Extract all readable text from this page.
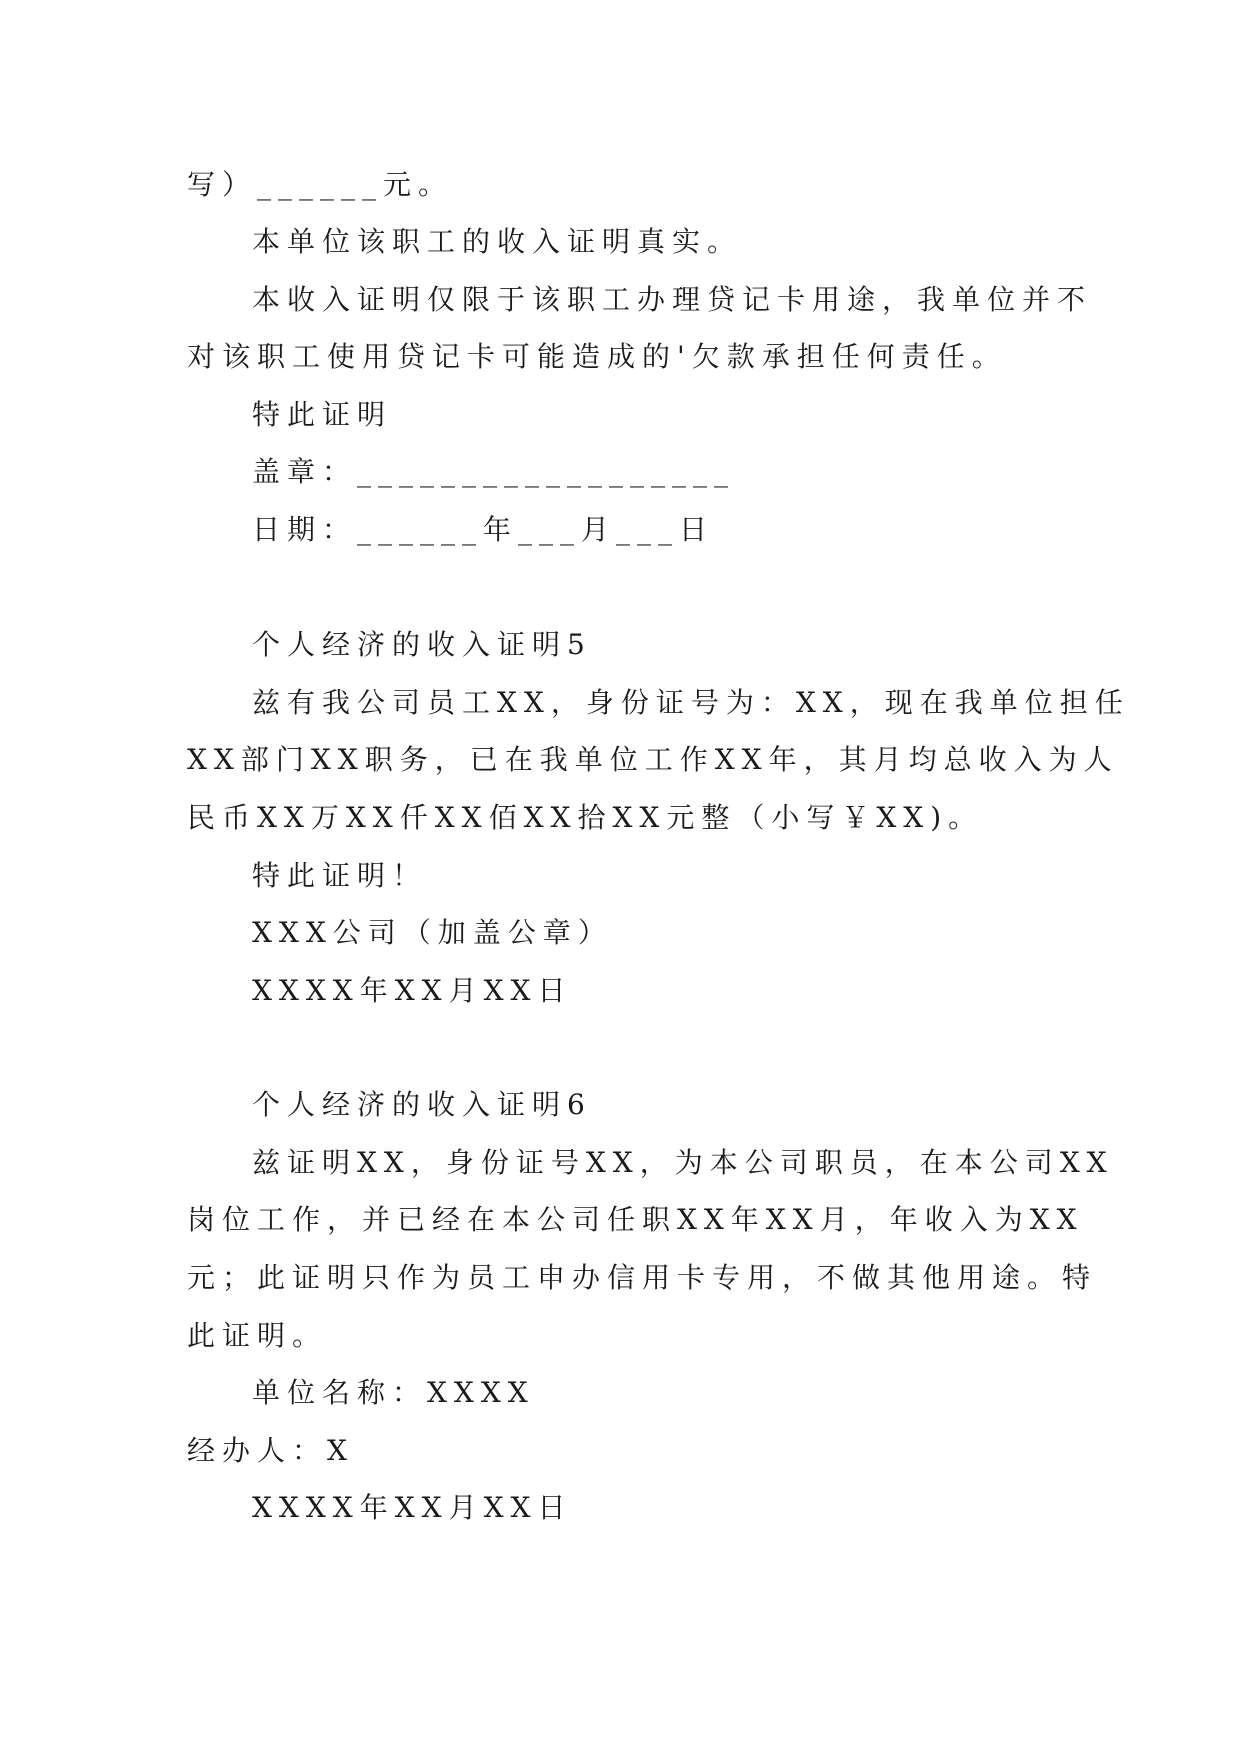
写）______元。

本单位该职工的收入证明真实。

本收入证明仅限于该职工办理贷记卡用途，我单位并不

对该职工使用贷记卡可能造成的'欠款承担任何责任。

特此证明

盖章：__________________

日期：______年___月___日

个人经济的收入证明5

兹有我公司员工XX，身份证号为：XX，现在我单位担任

XX部门XX职务，已在我单位工作XX年，其月均总收入为人

民币XX万XX仟XX佰XX拾XX元整（小写￥XX)。

特此证明！

XXX公司（加盖公章）

XXXX年XX月XX日

个人经济的收入证明6

兹证明XX，身份证号XX，为本公司职员，在本公司XX

岗位工作，并已经在本公司任职XX年XX月，年收入为XX

元；此证明只作为员工申办信用卡专用，不做其他用途。特

此证明。

单位名称：XXXX

经办人：X

XXXX年XX月XX日
